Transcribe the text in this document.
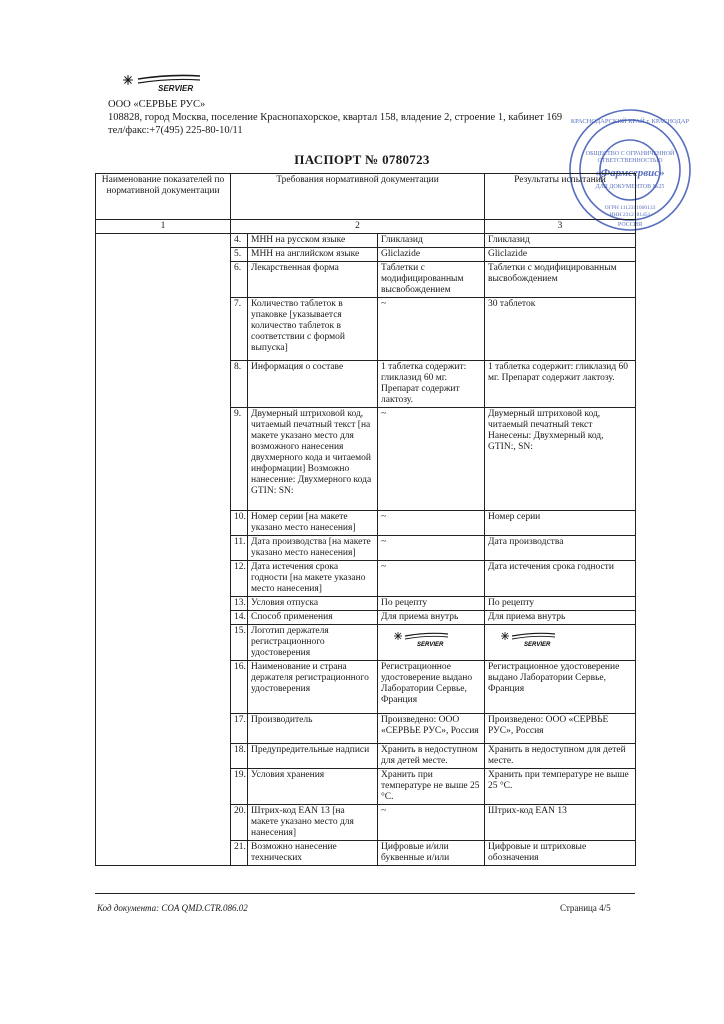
SERVIER
ООО «СЕРВЬЕ РУС»
108828, город Москва, поселение Краснопахорское, квартал 158, владение 2, строение 1, кабинет 169
тел/факс:+7(495) 225-80-10/11
КРАСНОДАРСКИЙ КРАЙ г. КРАСНОДАР
ОБЩЕСТВО С ОГРАНИЧЕННОЙ
ОТВЕТСТВЕННОСТЬЮ
«Фармсервис»
ДЛЯ ДОКУМЕНТОВ №25
ОГРН 1112311000133
ИНН 2312181451
РОССИЯ
ПАСПОРТ № 0780723
Наименование показателей по нормативной документации	Требования нормативной документации			Результаты испытаний
1	2			3
	4.	МНН на русском языке	Гликлазид	Гликлазид
	5.	МНН на английском языке	Gliclazide	Gliclazide
	6.	Лекарственная форма	Таблетки с модифицированным высвобождением	Таблетки с модифицированным высвобождением
	7.	Количество таблеток в упаковке [указывается количество таблеток в соответствии с формой выпуска]	~	30 таблеток
	8.	Информация о составе	1 таблетка содержит: гликлазид 60 мг. Препарат содержит лактозу.	1 таблетка содержит: гликлазид 60 мг. Препарат содержит лактозу.
	9.	Двумерный штриховой код, читаемый печатный текст [на макете указано место для возможного нанесения двухмерного кода и читаемой информации] Возможно нанесение: Двухмерного кода GTIN: SN:	~	Двумерный штриховой код, читаемый печатный текст Нанесены: Двухмерный код, GTIN:, SN:
	10.	Номер серии [на макете указано место нанесения]	~	Номер серии
	11.	Дата производства [на макете указано место нанесения]	~	Дата производства
	12.	Дата истечения срока годности [на макете указано место нанесения]	~	Дата истечения срока годности
	13.	Условия отпуска	По рецепту	По рецепту
	14.	Способ применения	Для приема внутрь	Для приема внутрь
	15.	Логотип держателя регистрационного удостоверения	SERVIER	SERVIER

	16.	Наименование и страна держателя регистрационного удостоверения	Регистрационное удостоверение выдано Лаборатории Сервье, Франция	Регистрационное удостоверение выдано Лаборатории Сервье, Франция
	17.	Производитель	Произведено: ООО «СЕРВЬЕ РУС», Россия	Произведено: ООО «СЕРВЬЕ РУС», Россия
	18.	Предупредительные надписи	Хранить в недоступном для детей месте.	Хранить в недоступном для детей месте.
	19.	Условия хранения	Хранить при температуре не выше 25 °С.	Хранить при температуре не выше 25 °С.
	20.	Штрих-код EAN 13 [на макете указано место для нанесения]	~	Штрих-код EAN 13
	21.	Возможно нанесение технических	Цифровые и/или буквенные и/или	Цифровые и штриховые обозначения
Код документа: COA QMD.CTR.086.02	Страница 4/5
